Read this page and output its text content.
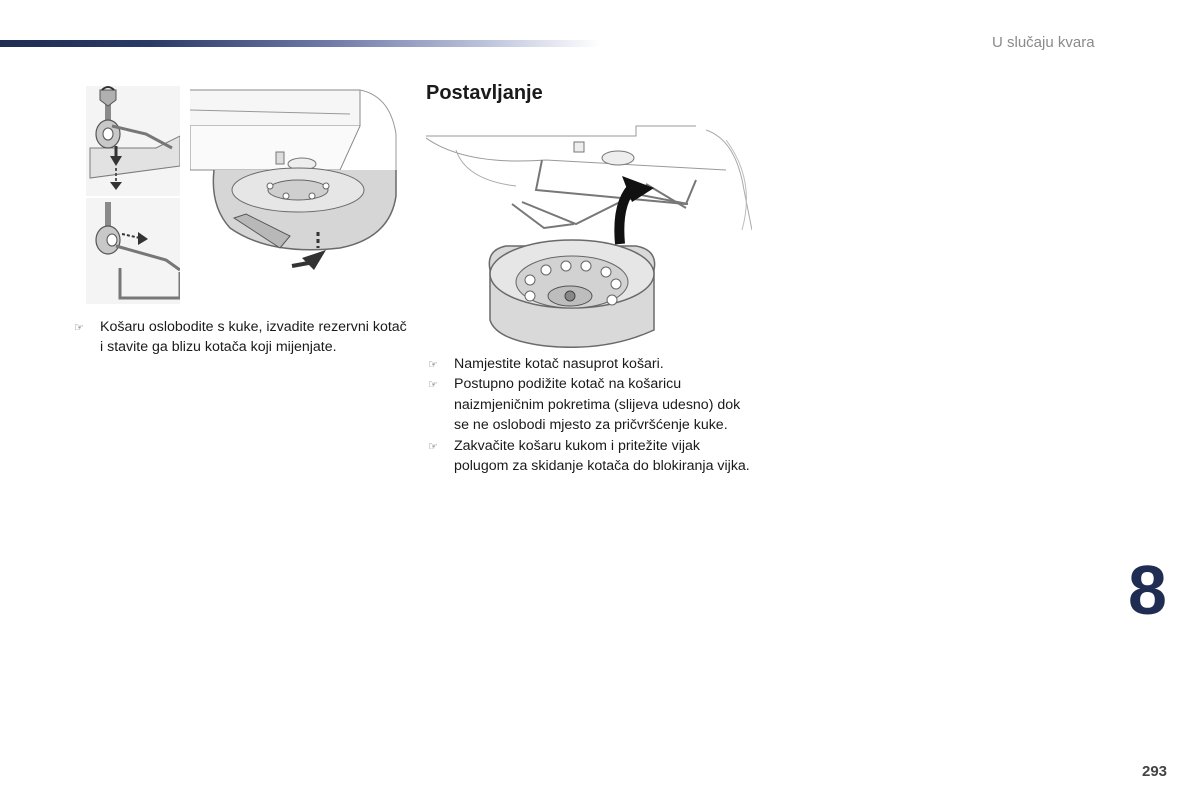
U slučaju kvara
Postavljanje
☞ Košaru oslobodite s kuke, izvadite rezervni kotač i stavite ga blizu kotača koji mijenjate.
☞ Namjestite kotač nasuprot košari.
☞ Postupno podižite kotač na košaricu naizmjeničnim pokretima (slijeva udesno) dok se ne oslobodi mjesto za pričvršćenje kuke.
☞ Zakvačite košaru kukom i pritežite vijak polugom za skidanje kotača do blokiranja vijka.
8
293
